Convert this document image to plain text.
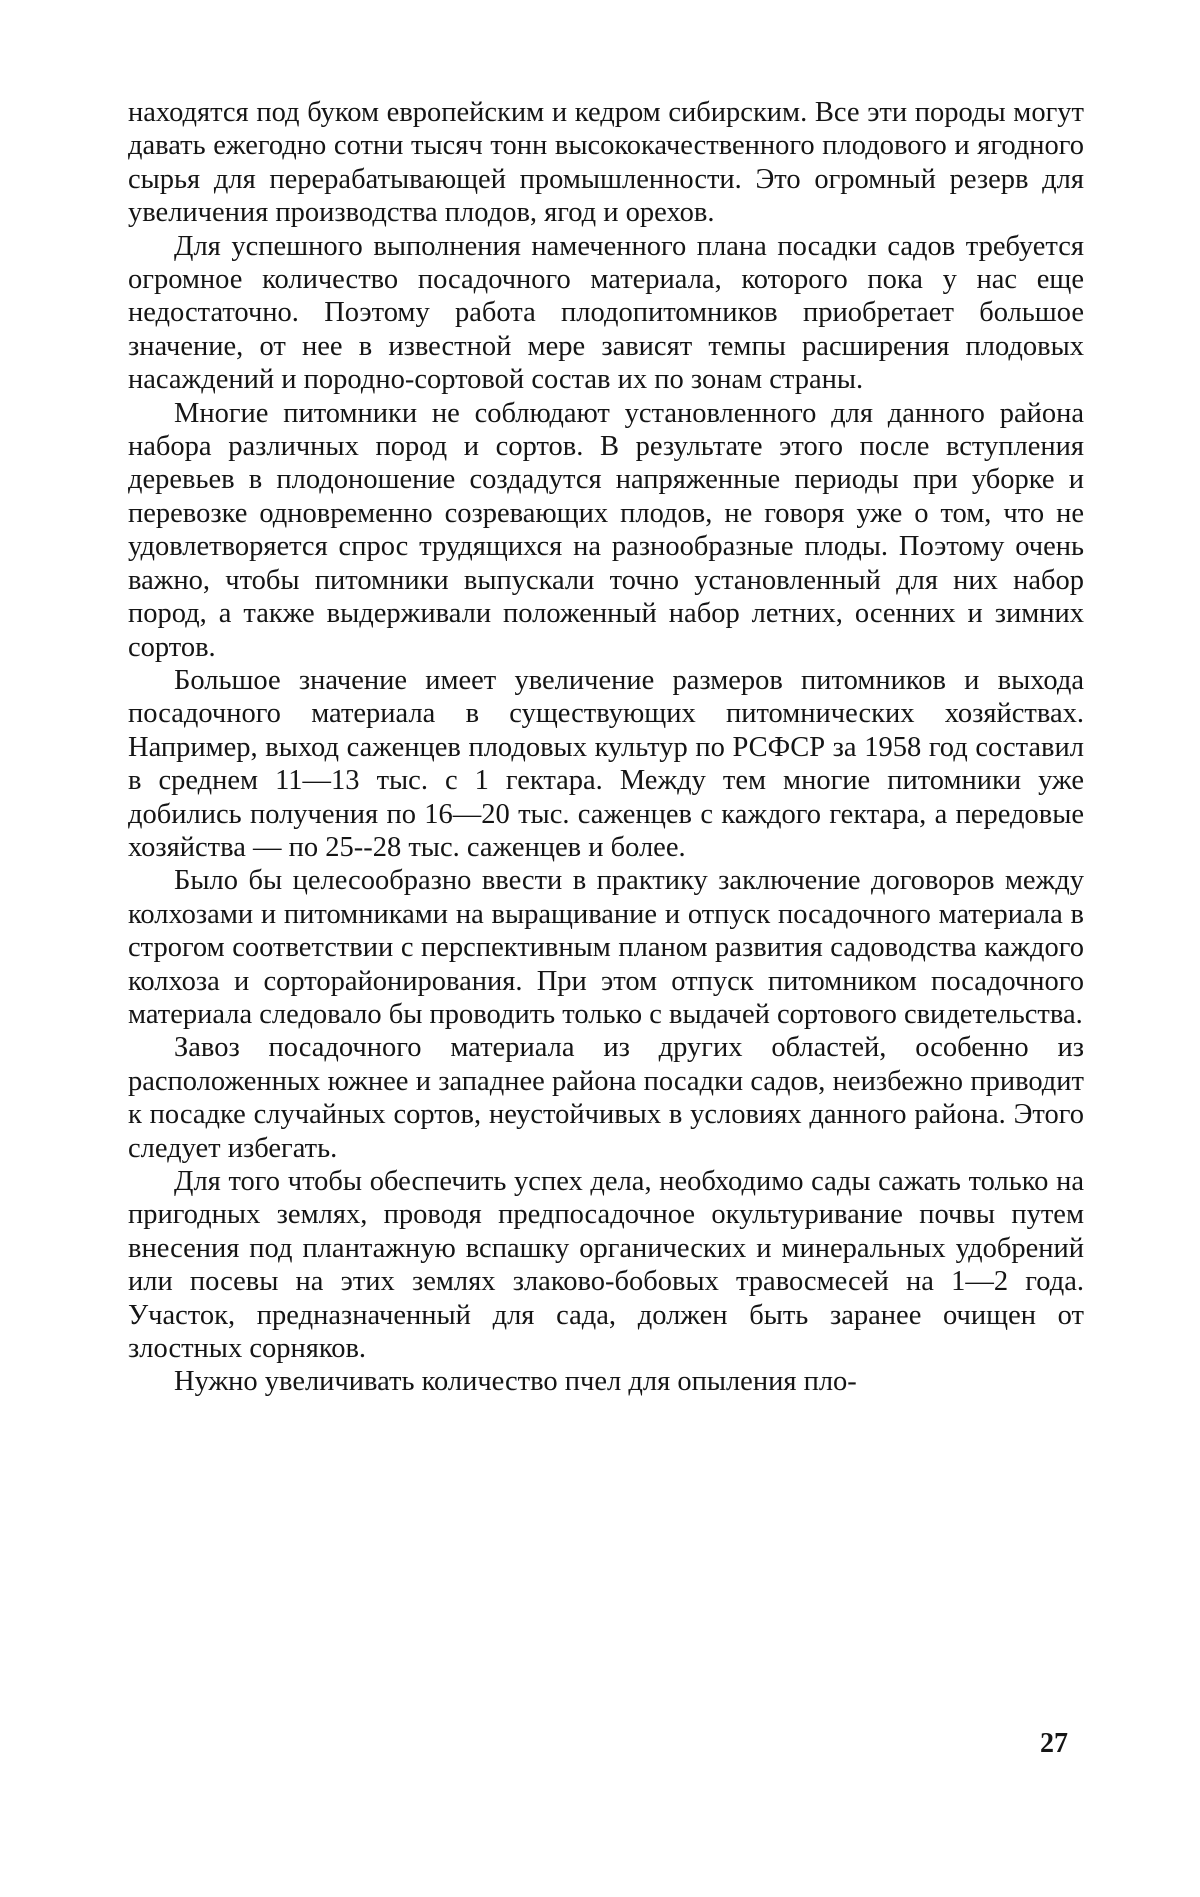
находятся под буком европейским и кедром сибирским. Все эти породы могут давать ежегодно сотни тысяч тонн высококачественного плодового и ягодного сырья для перерабатывающей промышленности. Это огромный резерв для увеличения производства плодов, ягод и орехов.

Для успешного выполнения намеченного плана посадки садов требуется огромное количество посадочного материала, которого пока у нас еще недостаточно. Поэтому работа плодопитомников приобретает большое значение, от нее в известной мере зависят темпы расширения плодовых насаждений и породно-сортовой состав их по зонам страны.

Многие питомники не соблюдают установленного для данного района набора различных пород и сортов. В результате этого после вступления деревьев в плодоношение создадутся напряженные периоды при уборке и перевозке одновременно созревающих плодов, не говоря уже о том, что не удовлетворяется спрос трудящихся на разнообразные плоды. Поэтому очень важно, чтобы питомники выпускали точно установленный для них набор пород, а также выдерживали положенный набор летних, осенних и зимних сортов.

Большое значение имеет увеличение размеров питомников и выхода посадочного материала в существующих питомнических хозяйствах. Например, выход саженцев плодовых культур по РСФСР за 1958 год составил в среднем 11—13 тыс. с 1 гектара. Между тем многие питомники уже добились получения по 16—20 тыс. саженцев с каждого гектара, а передовые хозяйства — по 25--28 тыс. саженцев и более.

Было бы целесообразно ввести в практику заключение договоров между колхозами и питомниками на выращивание и отпуск посадочного материала в строгом соответствии с перспективным планом развития садоводства каждого колхоза и сорторайонирования. При этом отпуск питомником посадочного материала следовало бы проводить только с выдачей сортового свидетельства.

Завоз посадочного материала из других областей, особенно из расположенных южнее и западнее района посадки садов, неизбежно приводит к посадке случайных сортов, неустойчивых в условиях данного района. Этого следует избегать.

Для того чтобы обеспечить успех дела, необходимо сады сажать только на пригодных землях, проводя предпосадочное окультуривание почвы путем внесения под плантажную вспашку органических и минеральных удобрений или посевы на этих землях злаково-бобовых травосмесей на 1—2 года. Участок, предназначенный для сада, должен быть заранее очищен от злостных сорняков.

Нужно увеличивать количество пчел для опыления пло-

27
